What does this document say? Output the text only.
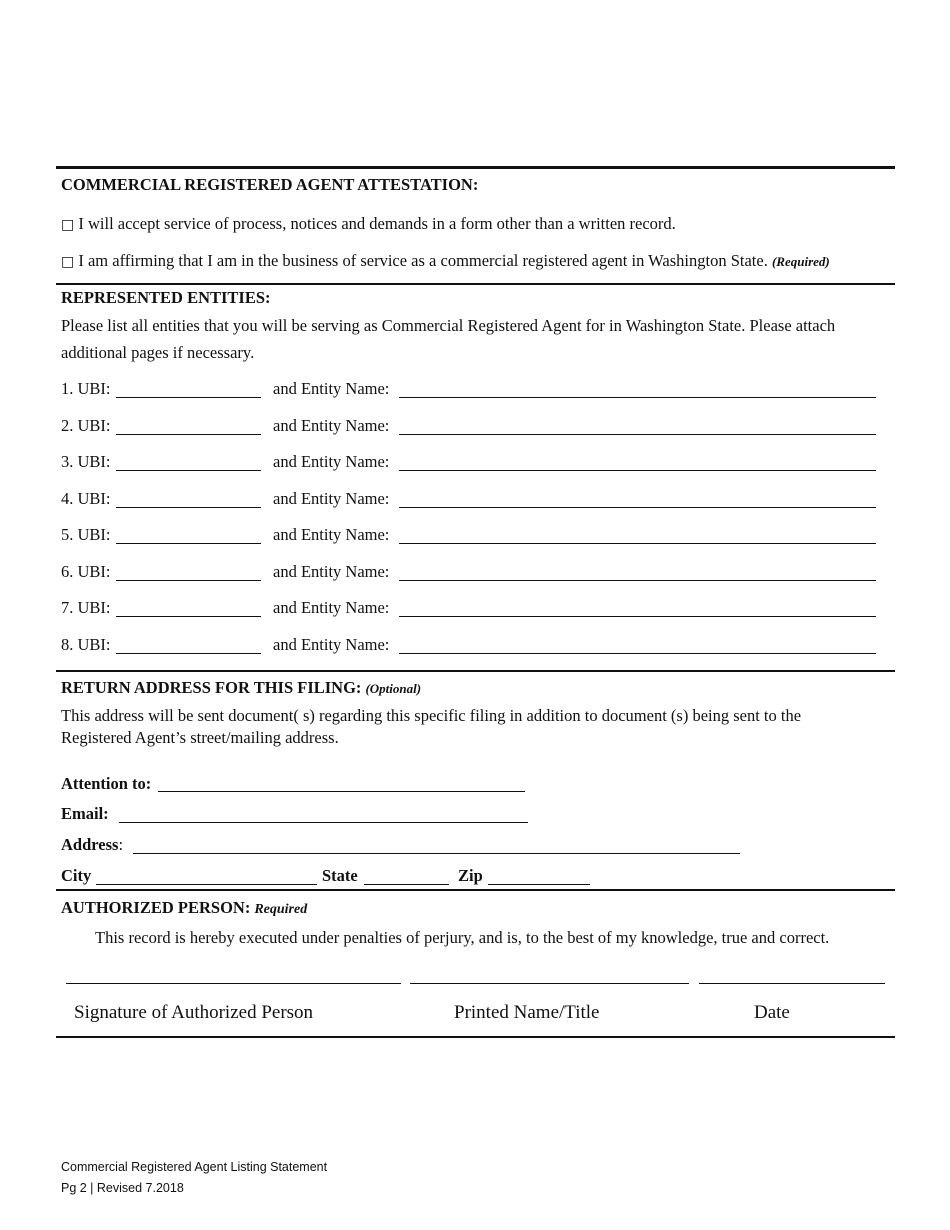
COMMERCIAL REGISTERED AGENT ATTESTATION:
□ I will accept service of process, notices and demands in a form other than a written record.
□ I am affirming that I am in the business of service as a commercial registered agent in Washington State. (Required)
REPRESENTED ENTITIES:
Please list all entities that you will be serving as Commercial Registered Agent for in Washington State. Please attach
additional pages if necessary.
1. UBI:	and Entity Name:
2. UBI:	and Entity Name:
3. UBI:	and Entity Name:
4. UBI:	and Entity Name:
5. UBI:	and Entity Name:
6. UBI:	and Entity Name:
7. UBI:	and Entity Name:
8. UBI:	and Entity Name:
RETURN ADDRESS FOR THIS FILING: (Optional)
This address will be sent document( s) regarding this specific filing in addition to document (s) being sent to the
Registered Agent’s street/mailing address.
Attention to:
Email:
Address:
City	State	Zip
AUTHORIZED PERSON: Required
This record is hereby executed under penalties of perjury, and is, to the best of my knowledge, true and correct.
Signature of Authorized Person	Printed Name/Title	Date
Commercial Registered Agent Listing Statement
Pg 2 | Revised 7.2018
